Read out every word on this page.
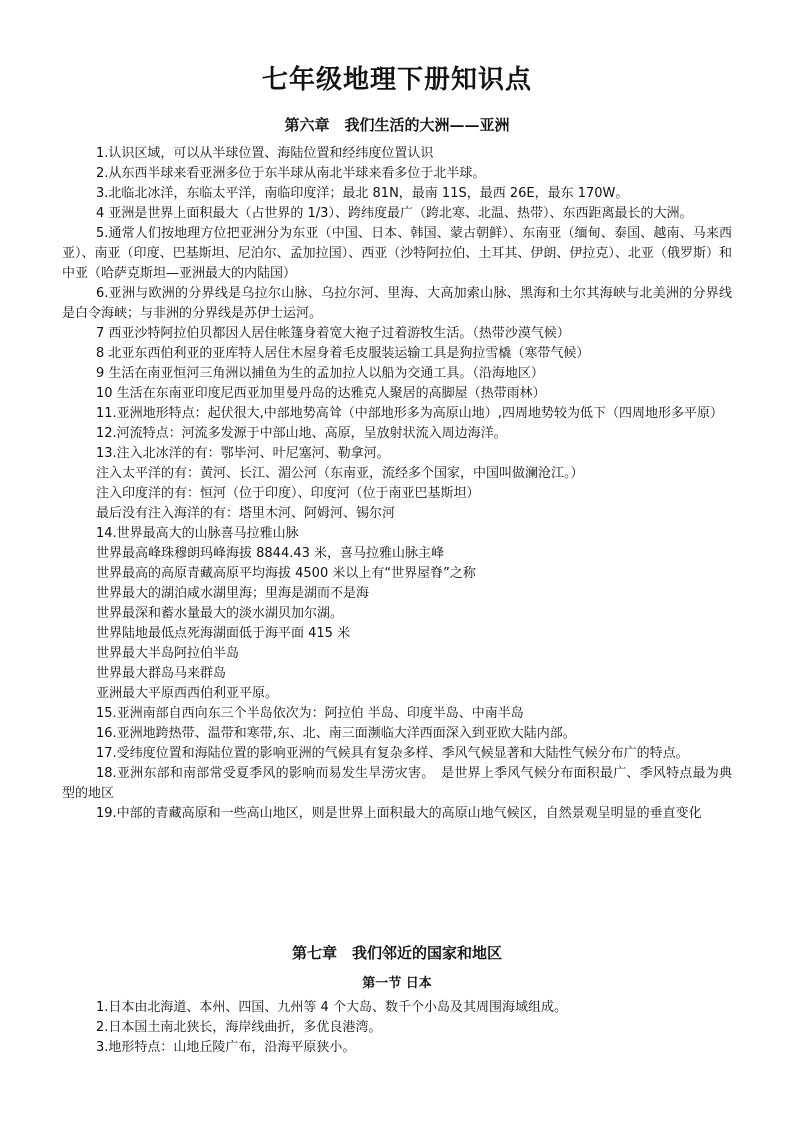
七年级地理下册知识点
第六章　我们生活的大洲——亚洲

1.认识区域，可以从半球位置、海陆位置和经纬度位置认识

2.从东西半球来看亚洲多位于东半球从南北半球来看多位于北半球。

3.北临北冰洋，东临太平洋，南临印度洋；最北 81N，最南 11S，最西 26E，最东 170W。

4 亚洲是世界上面积最大（占世界的 1/3）、跨纬度最广（跨北寒、北温、热带）、东西距离最长的大洲。

5.通常人们按地理方位把亚洲分为东亚（中国、日本、韩国、蒙古朝鲜）、东南亚（缅甸、泰国、越南、马来西亚）、南亚（印度、巴基斯坦、尼泊尔、孟加拉国）、西亚（沙特阿拉伯、土耳其、伊朗、伊拉克）、北亚（俄罗斯）和中亚（哈萨克斯坦—亚洲最大的内陆国）

6.亚洲与欧洲的分界线是乌拉尔山脉、乌拉尔河、里海、大高加索山脉、黑海和土尔其海峡与北美洲的分界线是白令海峡；与非洲的分界线是苏伊士运河。

7 西亚沙特阿拉伯贝都因人居住帐篷身着宽大袍子过着游牧生活。（热带沙漠气候）

8 北亚东西伯利亚的亚库特人居住木屋身着毛皮服装运输工具是狗拉雪橇（寒带气候）

9 生活在南亚恒河三角洲以捕鱼为生的孟加拉人以船为交通工具。（沿海地区）

10 生活在东南亚印度尼西亚加里曼丹岛的达雅克人聚居的高脚屋（热带雨林）

11.亚洲地形特点：起伏很大,中部地势高耸（中部地形多为高原山地）,四周地势较为低下（四周地形多平原）

12.河流特点：河流多发源于中部山地、高原，呈放射状流入周边海洋。

13.注入北冰洋的有：鄂毕河、叶尼塞河、勒拿河。

注入太平洋的有：黄河、长江、湄公河（东南亚，流经多个国家，中国叫做澜沧江。）

注入印度洋的有：恒河（位于印度）、印度河（位于南亚巴基斯坦）

最后没有注入海洋的有：塔里木河、阿姆河、锡尔河

14.世界最高大的山脉喜马拉雅山脉

世界最高峰珠穆朗玛峰海拔 8844.43 米，喜马拉雅山脉主峰

世界最高的高原青藏高原平均海拔 4500 米以上有“世界屋脊”之称

世界最大的湖泊咸水湖里海；里海是湖而不是海

世界最深和蓄水量最大的淡水湖贝加尔湖。

世界陆地最低点死海湖面低于海平面 415 米

世界最大半岛阿拉伯半岛

世界最大群岛马来群岛

亚洲最大平原西西伯利亚平原。

15.亚洲南部自西向东三个半岛依次为：阿拉伯 半岛、印度半岛、中南半岛

16.亚洲地跨热带、温带和寒带,东、北、南三面濒临大洋西面深入到亚欧大陆内部。

17.受纬度位置和海陆位置的影响亚洲的气候具有复杂多样、季风气候显著和大陆性气候分布广的特点。

18.亚洲东部和南部常受夏季风的影响而易发生旱涝灾害。　是世界上季风气候分布面积最广、季风特点最为典型的地区

19.中部的青藏高原和一些高山地区，则是世界上面积最大的高原山地气候区，自然景观呈明显的垂直变化

第七章　我们邻近的国家和地区
第一节 日本

1.日本由北海道、本州、四国、九州等 4 个大岛、数千个小岛及其周围海域组成。

2.日本国土南北狭长，海岸线曲折，多优良港湾。

3.地形特点：山地丘陵广布，沿海平原狭小。
